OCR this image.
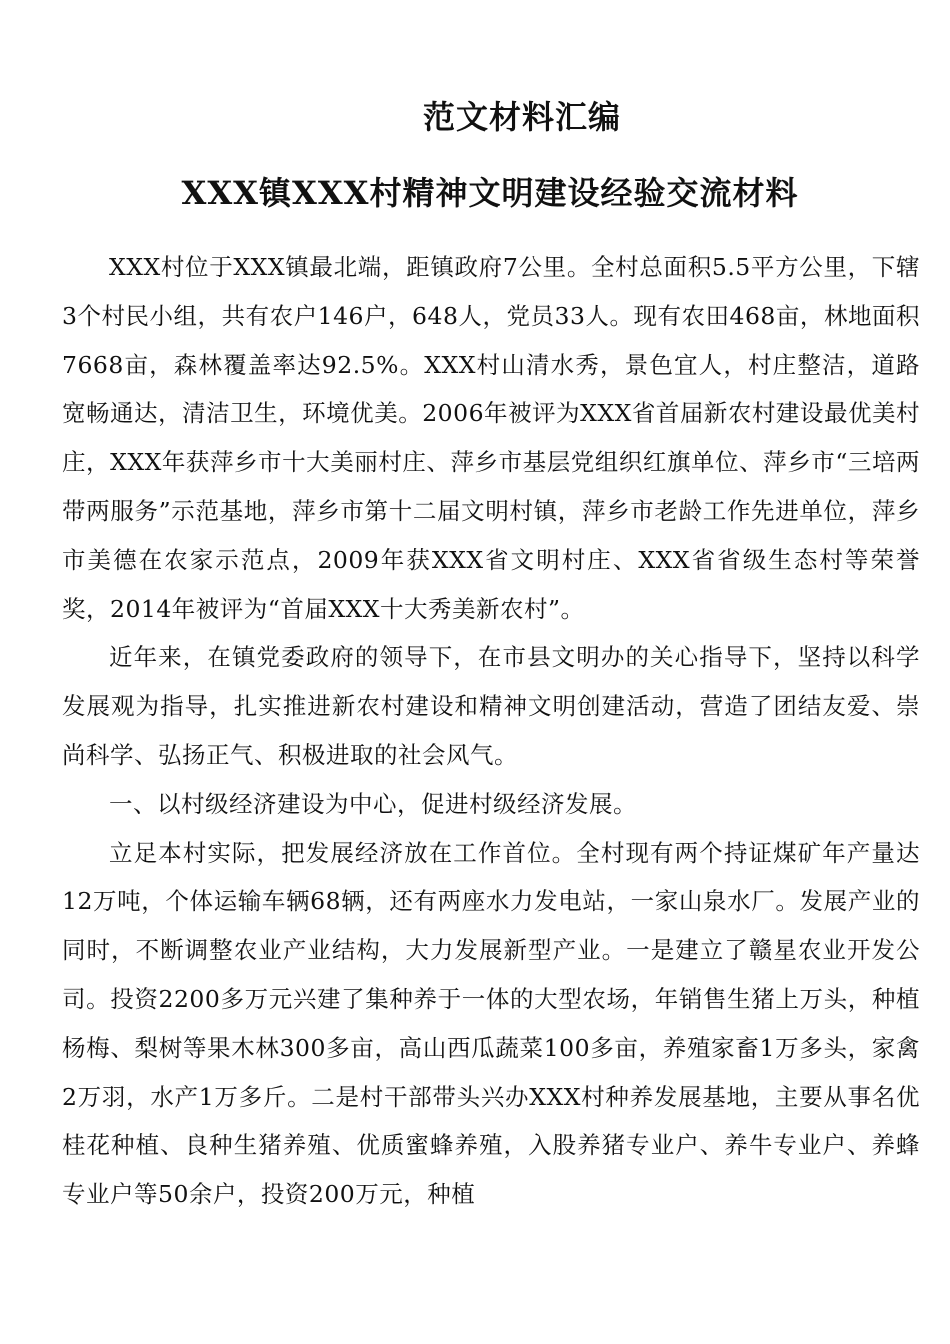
范文材料汇编
XXX镇XXX村精神文明建设经验交流材料

XXX村位于XXX镇最北端，距镇政府7公里。全村总面积5.5平方公里，下辖3个村民小组，共有农户146户，648人，党员33人。现有农田468亩，林地面积7668亩，森林覆盖率达92.5%。XXX村山清水秀，景色宜人，村庄整洁，道路宽畅通达，清洁卫生，环境优美。2006年被评为XXX省首届新农村建设最优美村庄，XXX年获萍乡市十大美丽村庄、萍乡市基层党组织红旗单位、萍乡市“三培两带两服务”示范基地，萍乡市第十二届文明村镇，萍乡市老龄工作先进单位，萍乡市美德在农家示范点，2009年获XXX省文明村庄、XXX省省级生态村等荣誉奖，2014年被评为“首届XXX十大秀美新农村”。

近年来，在镇党委政府的领导下，在市县文明办的关心指导下，坚持以科学发展观为指导，扎实推进新农村建设和精神文明创建活动，营造了团结友爱、崇尚科学、弘扬正气、积极进取的社会风气。

一、以村级经济建设为中心，促进村级经济发展。

立足本村实际，把发展经济放在工作首位。全村现有两个持证煤矿年产量达12万吨，个体运输车辆68辆，还有两座水力发电站，一家山泉水厂。发展产业的同时，不断调整农业产业结构，大力发展新型产业。一是建立了赣星农业开发公司。投资2200多万元兴建了集种养于一体的大型农场，年销售生猪上万头，种植杨梅、梨树等果木林300多亩，高山西瓜蔬菜100多亩，养殖家畜1万多头，家禽2万羽，水产1万多斤。二是村干部带头兴办XXX村种养发展基地，主要从事名优桂花种植、良种生猪养殖、优质蜜蜂养殖，入股养猪专业户、养牛专业户、养蜂专业户等50余户，投资200万元，种植
